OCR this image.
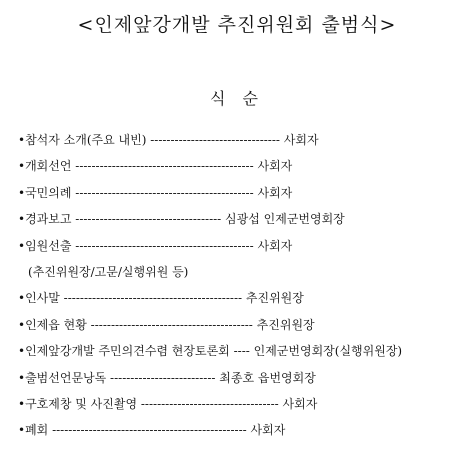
<인제앞강개발 추진위원회 출범식>
식 순
•참석자 소개(주요 내빈) -------------------------------- 사회자
•개회선언 -------------------------------------------- 사회자
•국민의례 -------------------------------------------- 사회자
•경과보고 ------------------------------------ 심광섭 인제군번영회장
•임원선출 -------------------------------------------- 사회자
(추진위원장/고문/실행위원 등)
•인사말 -------------------------------------------- 추진위원장
•인제읍 현황 ---------------------------------------- 추진위원장
•인제앞강개발 주민의견수렴 현장토론회 ---- 인제군번영회장(실행위원장)
•출범선언문낭독 -------------------------- 최종호 읍번영회장
•구호제창 및 사진촬영 ---------------------------------- 사회자
•폐회 ------------------------------------------------ 사회자
